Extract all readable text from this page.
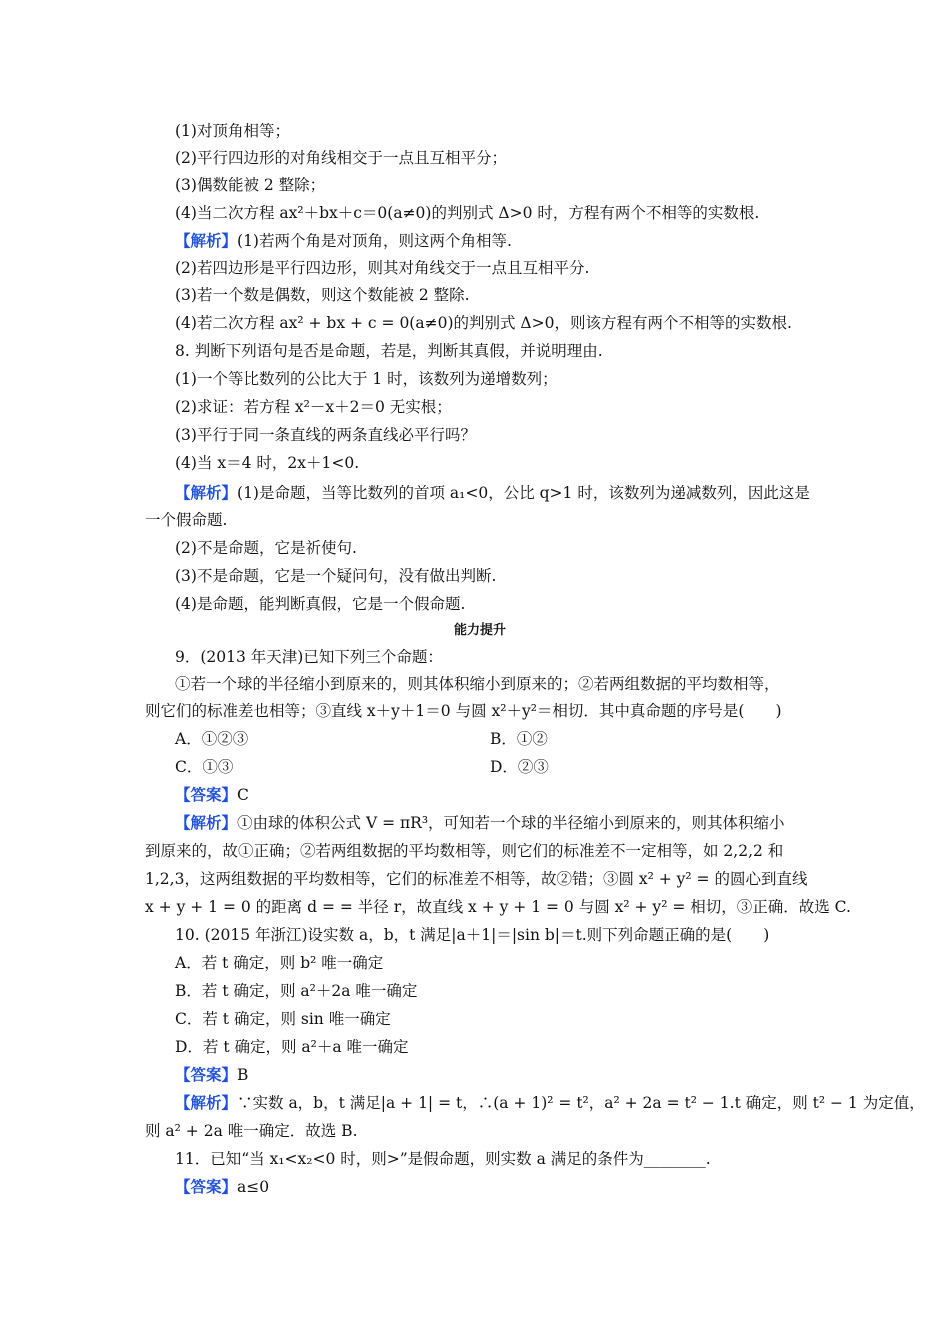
(1)对顶角相等；
(2)平行四边形的对角线相交于一点且互相平分；
(3)偶数能被 2 整除；
(4)当二次方程 ax²＋bx＋c＝0(a≠0)的判别式 Δ>0 时，方程有两个不相等的实数根.
【解析】(1)若两个角是对顶角，则这两个角相等.
(2)若四边形是平行四边形，则其对角线交于一点且互相平分.
(3)若一个数是偶数，则这个数能被 2 整除.
(4)若二次方程 ax² + bx + c = 0(a≠0)的判别式 Δ>0，则该方程有两个不相等的实数根.
8. 判断下列语句是否是命题，若是，判断其真假，并说明理由.
(1)一个等比数列的公比大于 1 时，该数列为递增数列；
(2)求证：若方程 x²－x＋2＝0 无实根；
(3)平行于同一条直线的两条直线必平行吗？
(4)当 x＝4 时，2x＋1<0.
【解析】(1)是命题，当等比数列的首项 a₁<0，公比 q>1 时，该数列为递减数列，因此这是
一个假命题.
(2)不是命题，它是祈使句.
(3)不是命题，它是一个疑问句，没有做出判断.
(4)是命题，能判断真假，它是一个假命题.
能力提升
9．(2013 年天津)已知下列三个命题：
①若一个球的半径缩小到原来的，则其体积缩小到原来的；②若两组数据的平均数相等，
则它们的标准差也相等；③直线 x＋y＋1＝0 与圆 x²＋y²＝相切．其中真命题的序号是(　　)
A．①②③	B．①②
C．①③	D．②③
【答案】C
【解析】①由球的体积公式 V = πR³，可知若一个球的半径缩小到原来的，则其体积缩小
到原来的，故①正确；②若两组数据的平均数相等，则它们的标准差不一定相等，如 2,2,2 和
1,2,3，这两组数据的平均数相等，它们的标准差不相等，故②错；③圆 x² + y² = 的圆心到直线
x + y + 1 = 0 的距离 d = = 半径 r，故直线 x + y + 1 = 0 与圆 x² + y² = 相切，③正确．故选 C.
10. (2015 年浙江)设实数 a，b，t 满足|a＋1|＝|sin b|＝t.则下列命题正确的是(　　)
A．若 t 确定，则 b² 唯一确定
B．若 t 确定，则 a²＋2a 唯一确定
C．若 t 确定，则 sin 唯一确定
D．若 t 确定，则 a²＋a 唯一确定
【答案】B
【解析】∵实数 a，b，t 满足|a + 1| = t，∴(a + 1)² = t²，a² + 2a = t² − 1.t 确定，则 t² − 1 为定值，
则 a² + 2a 唯一确定．故选 B.
11．已知“当 x₁<x₂<0 时，则>”是假命题，则实数 a 满足的条件为________.
【答案】a≤0
